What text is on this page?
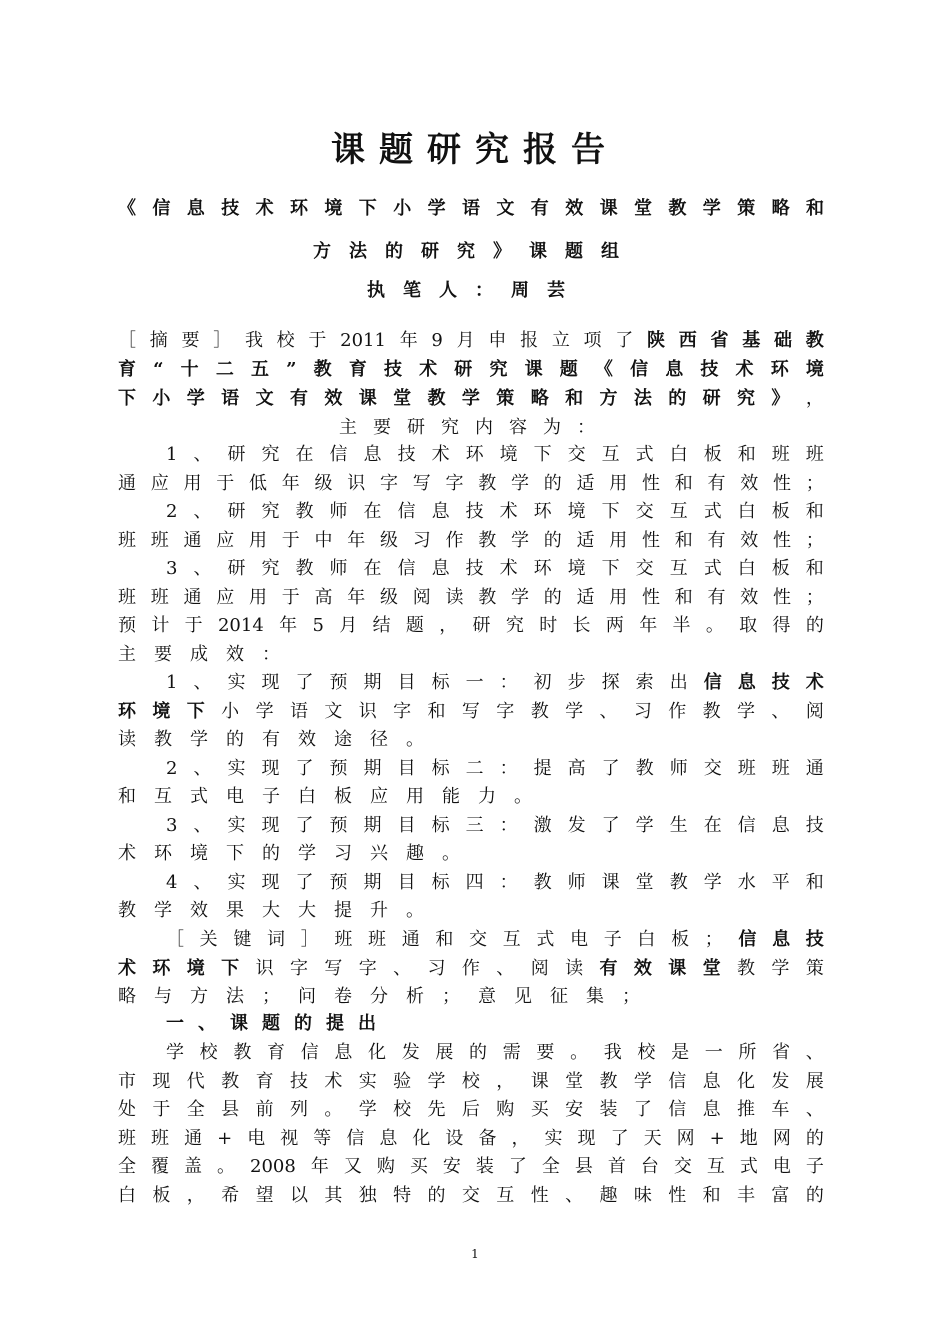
课题研究报告
《信息技术环境下小学语文有效课堂教学策略和
方法的研究》课题组
执笔人：周芸
［ 摘 要 ］ 我 校 于 2011 年 9 月 申 报 立 项 了 陕 西 省 基 础 教
育 “ 十 二 五 ” 教 育 技 术 研 究 课 题 《 信 息 技 术 环 境
下 小 学 语 文 有 效 课 堂 教 学 策 略 和 方 法 的 研 究 》 ，
主要研究内容为：
1 、 研 究 在 信 息 技 术 环 境 下 交 互 式 白 板 和 班 班
通 应 用 于 低 年 级 识 字 写 字 教 学 的 适 用 性 和 有 效 性 ；
2 、 研 究 教 师 在 信 息 技 术 环 境 下 交 互 式 白 板 和
班 班 通 应 用 于 中 年 级 习 作 教 学 的 适 用 性 和 有 效 性 ；
3 、 研 究 教 师 在 信 息 技 术 环 境 下 交 互 式 白 板 和
班 班 通 应 用 于 高 年 级 阅 读 教 学 的 适 用 性 和 有 效 性 ；
预 计 于 2014 年 5 月 结 题 ， 研 究 时 长 两 年 半 。 取 得 的
主 要 成 效 ：
1 、 实 现 了 预 期 目 标 一 ： 初 步 探 索 出 信 息 技 术
环 境 下 小 学 语 文 识 字 和 写 字 教 学 、 习 作 教 学 、 阅
读 教 学 的 有 效 途 径 。
2 、 实 现 了 预 期 目 标 二 ： 提 高 了 教 师 交 班 班 通
和 互 式 电 子 白 板 应 用 能 力 。
3 、 实 现 了 预 期 目 标 三 ： 激 发 了 学 生 在 信 息 技
术 环 境 下 的 学 习 兴 趣 。
4 、 实 现 了 预 期 目 标 四 ： 教 师 课 堂 教 学 水 平 和
教 学 效 果 大 大 提 升 。
［ 关 键 词 ］ 班 班 通 和 交 互 式 电 子 白 板 ； 信 息 技
术 环 境 下 识 字 写 字 、 习 作 、 阅 读 有 效 课 堂 教 学 策
略 与 方 法 ； 问 卷 分 析 ； 意 见 征 集 ；
一、课题的提出
学 校 教 育 信 息 化 发 展 的 需 要 。 我 校 是 一 所 省 、
市 现 代 教 育 技 术 实 验 学 校 ， 课 堂 教 学 信 息 化 发 展
处 于 全 县 前 列 。 学 校 先 后 购 买 安 装 了 信 息 推 车 、
班 班 通 + 电 视 等 信 息 化 设 备 ， 实 现 了 天 网 + 地 网 的
全 覆 盖 。 2008 年 又 购 买 安 装 了 全 县 首 台 交 互 式 电 子
白 板 ， 希 望 以 其 独 特 的 交 互 性 、 趣 味 性 和 丰 富 的
1
